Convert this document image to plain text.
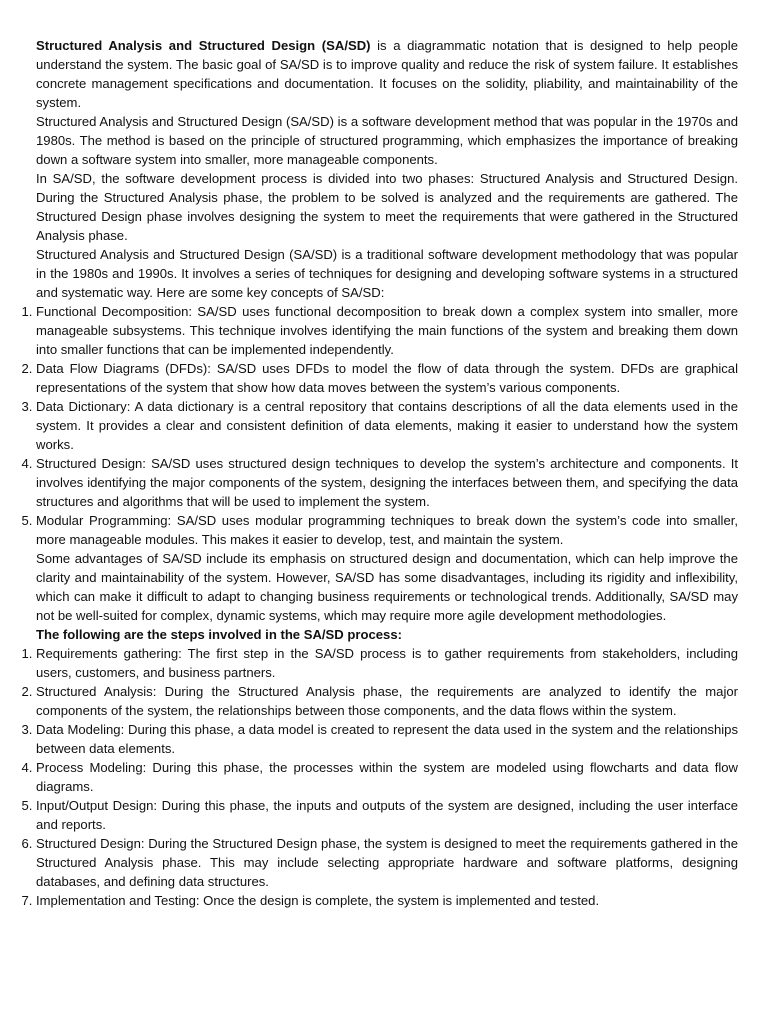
Structured Analysis and Structured Design (SA/SD) is a diagrammatic notation that is designed to help people understand the system. The basic goal of SA/SD is to improve quality and reduce the risk of system failure. It establishes concrete management specifications and documentation. It focuses on the solidity, pliability, and maintainability of the system.

Structured Analysis and Structured Design (SA/SD) is a software development method that was popular in the 1970s and 1980s. The method is based on the principle of structured programming, which emphasizes the importance of breaking down a software system into smaller, more manageable components.

In SA/SD, the software development process is divided into two phases: Structured Analysis and Structured Design. During the Structured Analysis phase, the problem to be solved is analyzed and the requirements are gathered. The Structured Design phase involves designing the system to meet the requirements that were gathered in the Structured Analysis phase.

Structured Analysis and Structured Design (SA/SD) is a traditional software development methodology that was popular in the 1980s and 1990s. It involves a series of techniques for designing and developing software systems in a structured and systematic way. Here are some key concepts of SA/SD:

1. Functional Decomposition: SA/SD uses functional decomposition to break down a complex system into smaller, more manageable subsystems. This technique involves identifying the main functions of the system and breaking them down into smaller functions that can be implemented independently.
2. Data Flow Diagrams (DFDs): SA/SD uses DFDs to model the flow of data through the system. DFDs are graphical representations of the system that show how data moves between the system’s various components.
3. Data Dictionary: A data dictionary is a central repository that contains descriptions of all the data elements used in the system. It provides a clear and consistent definition of data elements, making it easier to understand how the system works.
4. Structured Design: SA/SD uses structured design techniques to develop the system’s architecture and components. It involves identifying the major components of the system, designing the interfaces between them, and specifying the data structures and algorithms that will be used to implement the system.
5. Modular Programming: SA/SD uses modular programming techniques to break down the system’s code into smaller, more manageable modules. This makes it easier to develop, test, and maintain the system.

Some advantages of SA/SD include its emphasis on structured design and documentation, which can help improve the clarity and maintainability of the system. However, SA/SD has some disadvantages, including its rigidity and inflexibility, which can make it difficult to adapt to changing business requirements or technological trends. Additionally, SA/SD may not be well-suited for complex, dynamic systems, which may require more agile development methodologies.

The following are the steps involved in the SA/SD process:

1. Requirements gathering: The first step in the SA/SD process is to gather requirements from stakeholders, including users, customers, and business partners.
2. Structured Analysis: During the Structured Analysis phase, the requirements are analyzed to identify the major components of the system, the relationships between those components, and the data flows within the system.
3. Data Modeling: During this phase, a data model is created to represent the data used in the system and the relationships between data elements.
4. Process Modeling: During this phase, the processes within the system are modeled using flowcharts and data flow diagrams.
5. Input/Output Design: During this phase, the inputs and outputs of the system are designed, including the user interface and reports.
6. Structured Design: During the Structured Design phase, the system is designed to meet the requirements gathered in the Structured Analysis phase. This may include selecting appropriate hardware and software platforms, designing databases, and defining data structures.
7. Implementation and Testing: Once the design is complete, the system is implemented and tested.
